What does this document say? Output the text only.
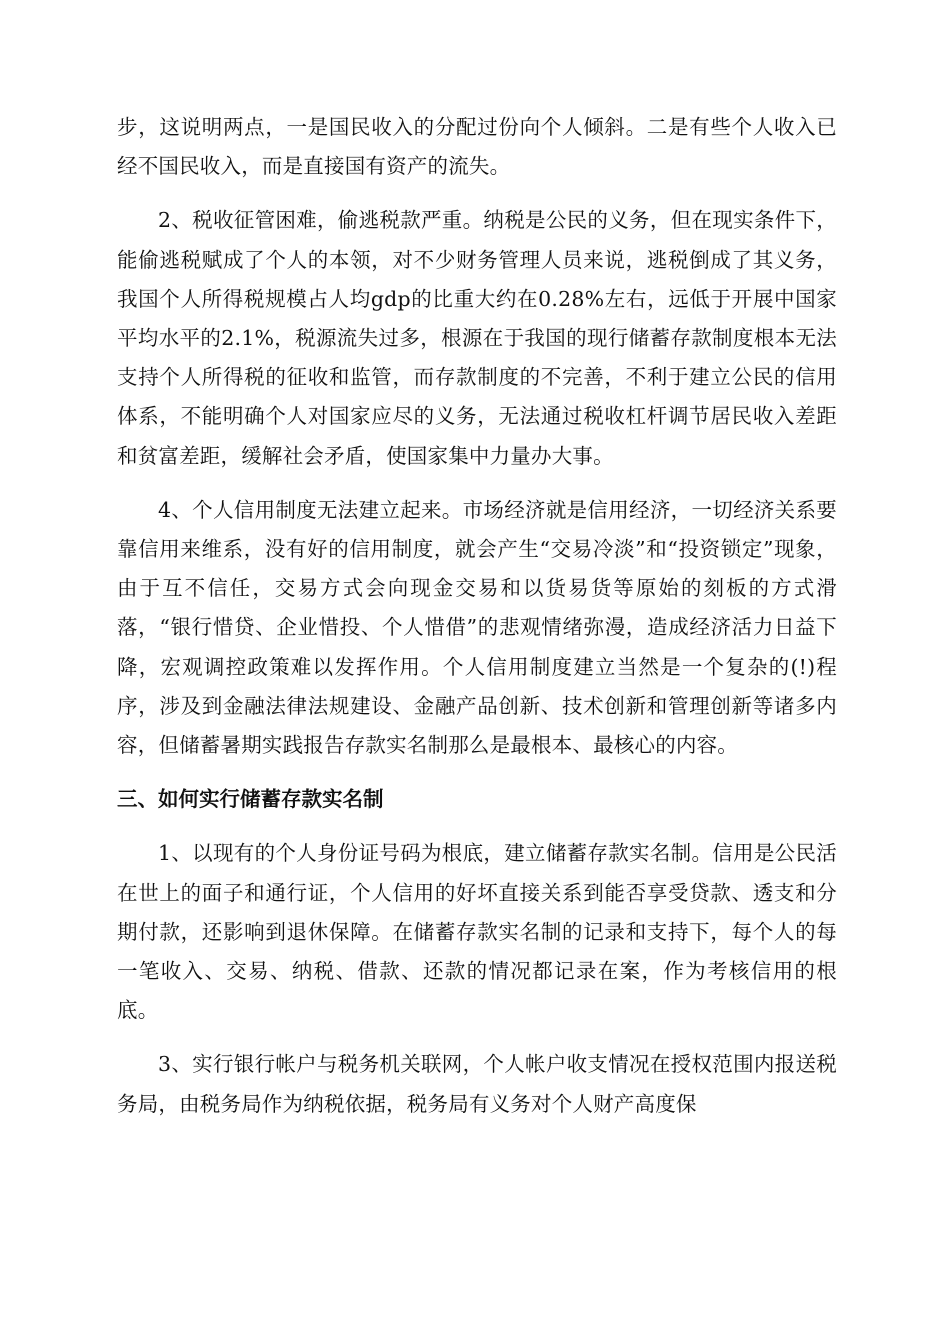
步，这说明两点，一是国民收入的分配过份向个人倾斜。二是有些个人收入已经不国民收入，而是直接国有资产的流失。

2、税收征管困难，偷逃税款严重。纳税是公民的义务，但在现实条件下，能偷逃税赋成了个人的本领，对不少财务管理人员来说，逃税倒成了其义务，我国个人所得税规模占人均gdp的比重大约在0.28%左右，远低于开展中国家平均水平的2.1%，税源流失过多，根源在于我国的现行储蓄存款制度根本无法支持个人所得税的征收和监管，而存款制度的不完善，不利于建立公民的信用体系，不能明确个人对国家应尽的义务，无法通过税收杠杆调节居民收入差距和贫富差距，缓解社会矛盾，使国家集中力量办大事。

4、个人信用制度无法建立起来。市场经济就是信用经济，一切经济关系要靠信用来维系，没有好的信用制度，就会产生“交易冷淡”和“投资锁定”现象，由于互不信任，交易方式会向现金交易和以货易货等原始的刻板的方式滑落，“银行惜贷、企业惜投、个人惜借”的悲观情绪弥漫，造成经济活力日益下降，宏观调控政策难以发挥作用。个人信用制度建立当然是一个复杂的(!)程序，涉及到金融法律法规建设、金融产品创新、技术创新和管理创新等诸多内容，但储蓄暑期实践报告存款实名制那么是最根本、最核心的内容。

三、如何实行储蓄存款实名制

1、以现有的个人身份证号码为根底，建立储蓄存款实名制。信用是公民活在世上的面子和通行证，个人信用的好坏直接关系到能否享受贷款、透支和分期付款，还影响到退休保障。在储蓄存款实名制的记录和支持下，每个人的每一笔收入、交易、纳税、借款、还款的情况都记录在案，作为考核信用的根底。

3、实行银行帐户与税务机关联网，个人帐户收支情况在授权范围内报送税务局，由税务局作为纳税依据，税务局有义务对个人财产高度保
